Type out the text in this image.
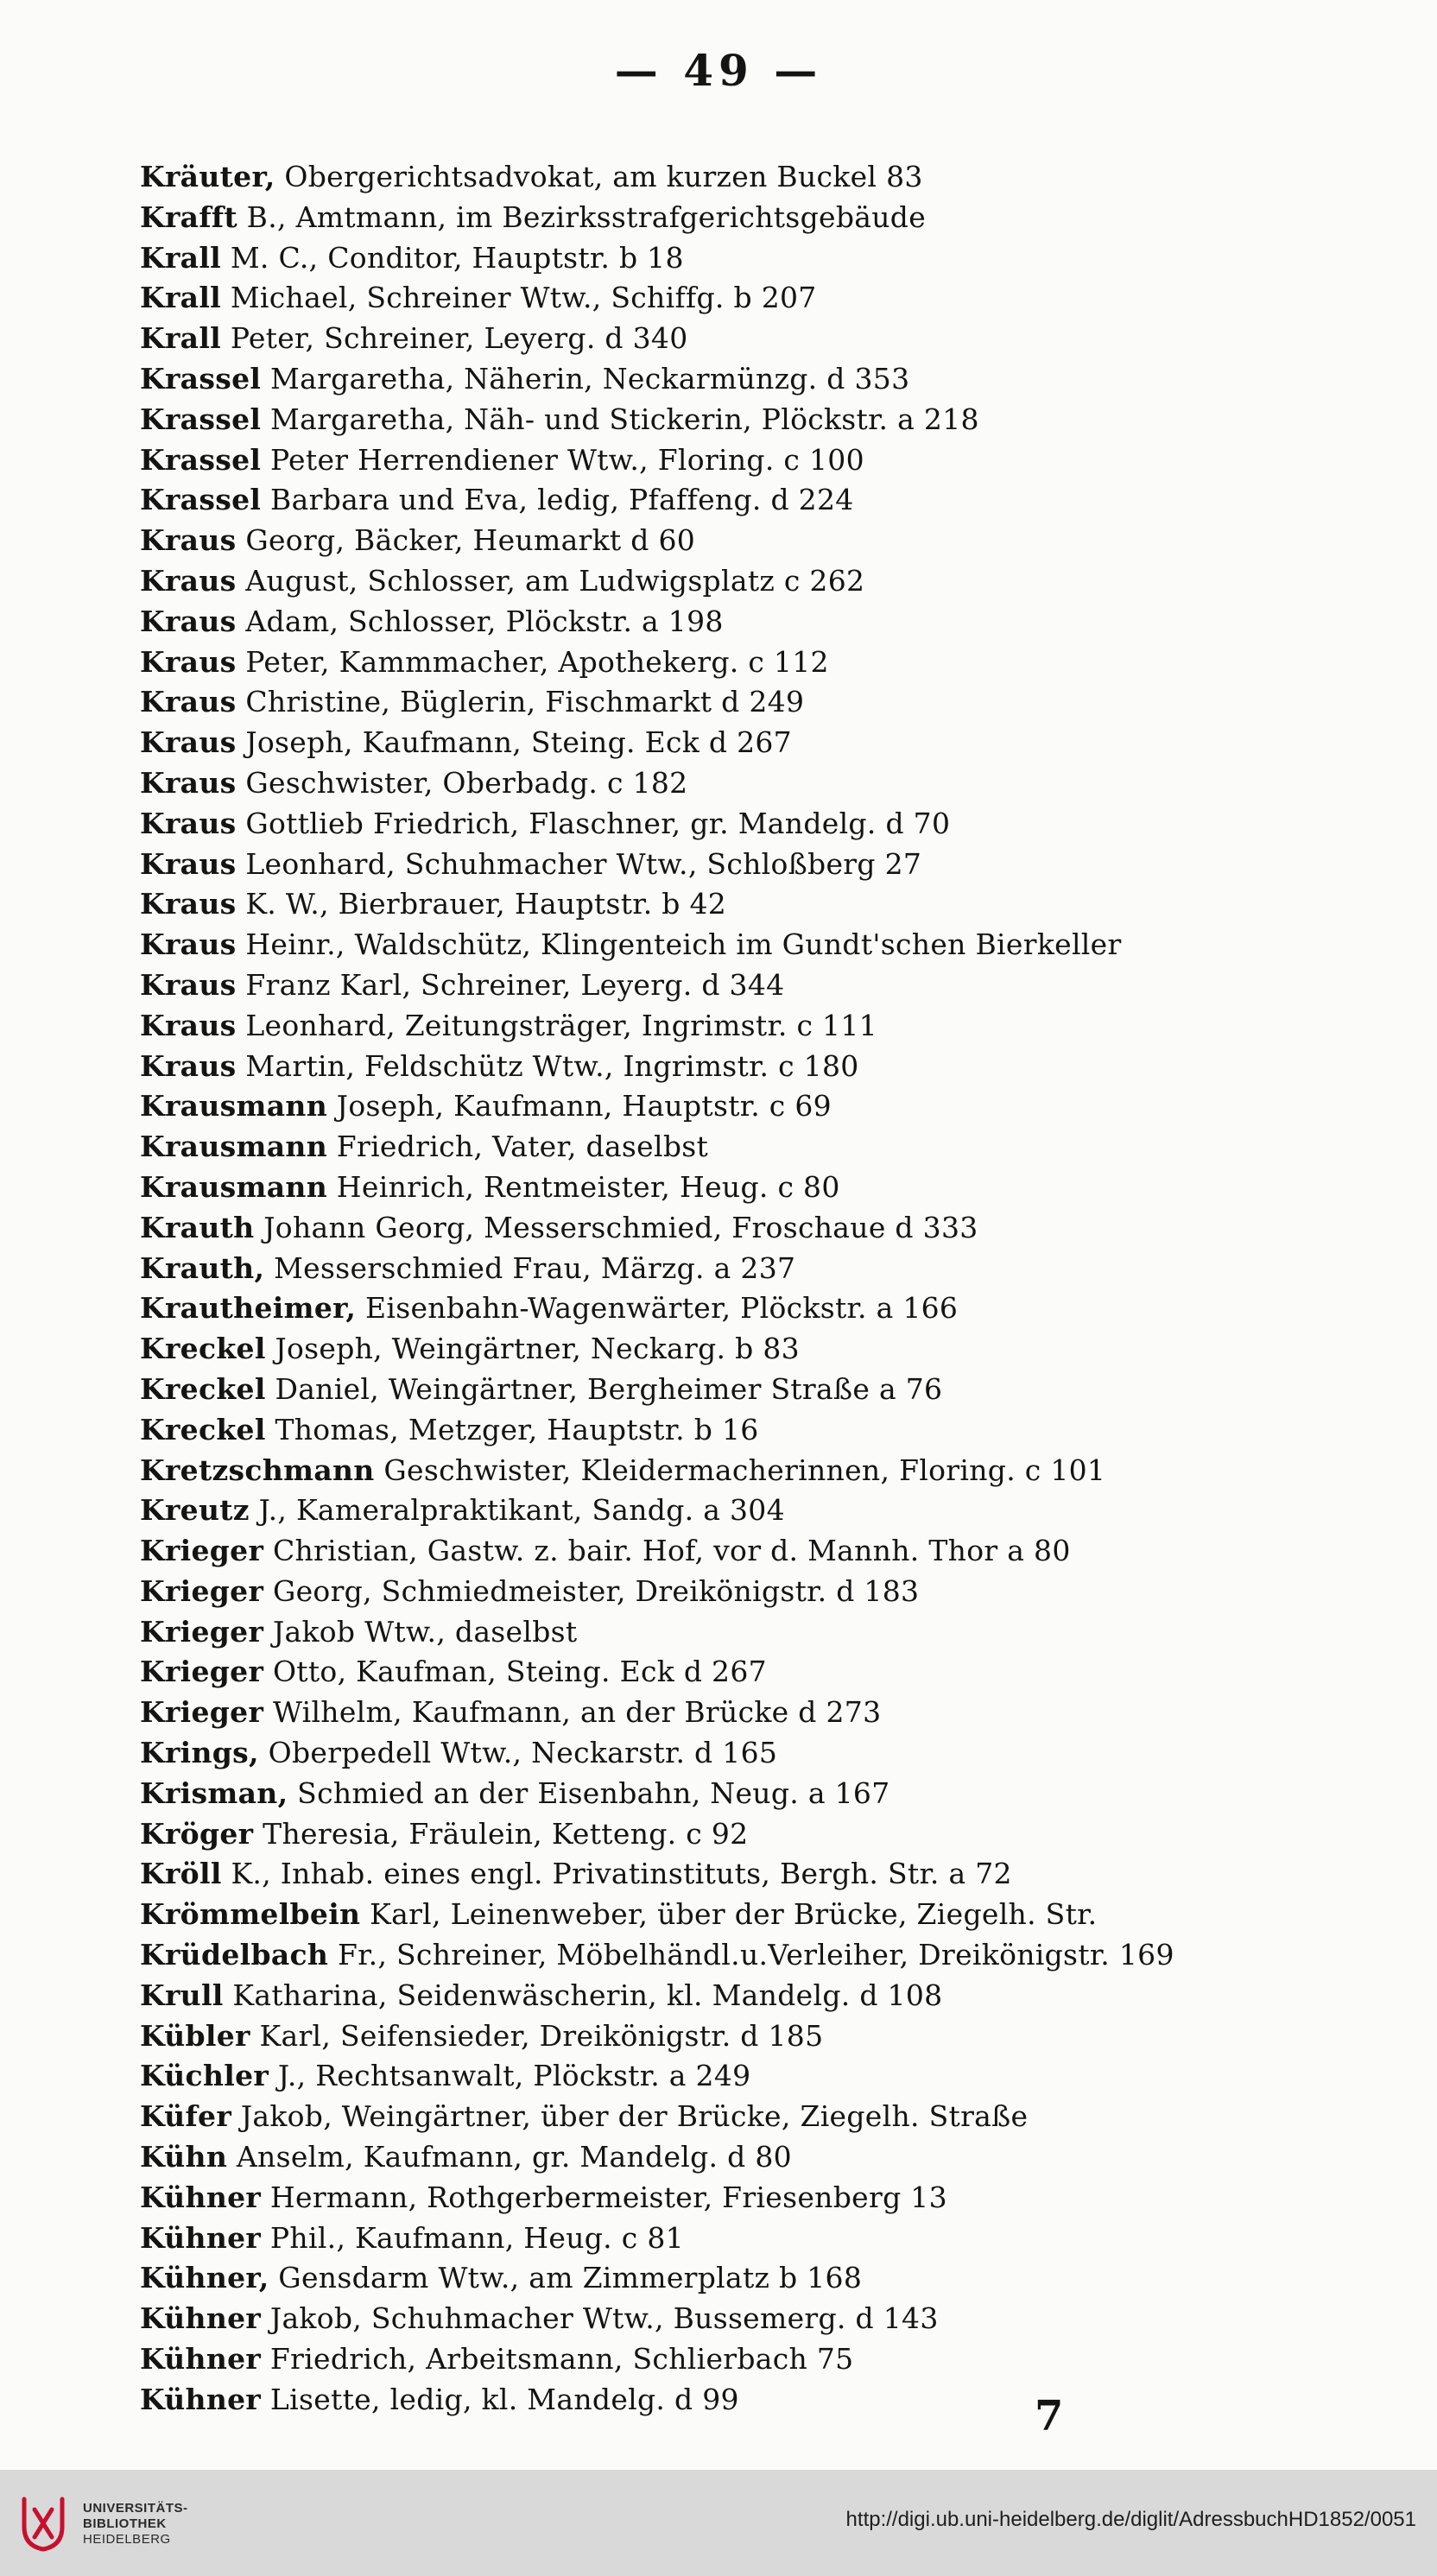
— 49 —
Kräuter, Obergerichtsadvokat, am kurzen Buckel 83
Krafft B., Amtmann, im Bezirksstrafgerichtsgebäude
Krall M. C., Conditor, Hauptstr. b 18
Krall Michael, Schreiner Wtw., Schiffg. b 207
Krall Peter, Schreiner, Leyerg. d 340
Krassel Margaretha, Näherin, Neckarmünzg. d 353
Krassel Margaretha, Näh- und Stickerin, Plöckstr. a 218
Krassel Peter Herrendiener Wtw., Floring. c 100
Krassel Barbara und Eva, ledig, Pfaffeng. d 224
Kraus Georg, Bäcker, Heumarkt d 60
Kraus August, Schlosser, am Ludwigsplatz c 262
Kraus Adam, Schlosser, Plöckstr. a 198
Kraus Peter, Kammmacher, Apothekerg. c 112
Kraus Christine, Büglerin, Fischmarkt d 249
Kraus Joseph, Kaufmann, Steing. Eck d 267
Kraus Geschwister, Oberbadg. c 182
Kraus Gottlieb Friedrich, Flaschner, gr. Mandelg. d 70
Kraus Leonhard, Schuhmacher Wtw., Schloßberg 27
Kraus K. W., Bierbrauer, Hauptstr. b 42
Kraus Heinr., Waldschütz, Klingenteich im Gundt'schen Bierkeller
Kraus Franz Karl, Schreiner, Leyerg. d 344
Kraus Leonhard, Zeitungsträger, Ingrimstr. c 111
Kraus Martin, Feldschütz Wtw., Ingrimstr. c 180
Krausmann Joseph, Kaufmann, Hauptstr. c 69
Krausmann Friedrich, Vater, daselbst
Krausmann Heinrich, Rentmeister, Heug. c 80
Krauth Johann Georg, Messerschmied, Froschaue d 333
Krauth, Messerschmied Frau, Märzg. a 237
Krautheimer, Eisenbahn-Wagenwärter, Plöckstr. a 166
Kreckel Joseph, Weingärtner, Neckarg. b 83
Kreckel Daniel, Weingärtner, Bergheimer Straße a 76
Kreckel Thomas, Metzger, Hauptstr. b 16
Kretzschmann Geschwister, Kleidermacherinnen, Floring. c 101
Kreutz J., Kameralpraktikant, Sandg. a 304
Krieger Christian, Gastw. z. bair. Hof, vor d. Mannh. Thor a 80
Krieger Georg, Schmiedmeister, Dreikönigstr. d 183
Krieger Jakob Wtw., daselbst
Krieger Otto, Kaufman, Steing. Eck d 267
Krieger Wilhelm, Kaufmann, an der Brücke d 273
Krings, Oberpedell Wtw., Neckarstr. d 165
Krisman, Schmied an der Eisenbahn, Neug. a 167
Kröger Theresia, Fräulein, Ketteng. c 92
Kröll K., Inhab. eines engl. Privatinstituts, Bergh. Str. a 72
Krömmelbein Karl, Leinenweber, über der Brücke, Ziegelh. Str.
Krüdelbach Fr., Schreiner, Möbelhändl.u.Verleiher, Dreikönigstr. 169
Krull Katharina, Seidenwäscherin, kl. Mandelg. d 108
Kübler Karl, Seifensieder, Dreikönigstr. d 185
Küchler J., Rechtsanwalt, Plöckstr. a 249
Küfer Jakob, Weingärtner, über der Brücke, Ziegelh. Straße
Kühn Anselm, Kaufmann, gr. Mandelg. d 80
Kühner Hermann, Rothgerbermeister, Friesenberg 13
Kühner Phil., Kaufmann, Heug. c 81
Kühner, Gensdarm Wtw., am Zimmerplatz b 168
Kühner Jakob, Schuhmacher Wtw., Bussemerg. d 143
Kühner Friedrich, Arbeitsmann, Schlierbach 75
Kühner Lisette, ledig, kl. Mandelg. d 99	7
UNIVERSITÄTS-
BIBLIOTHEK
HEIDELBERG
http://digi.ub.uni-heidelberg.de/diglit/AdressbuchHD1852/0051
